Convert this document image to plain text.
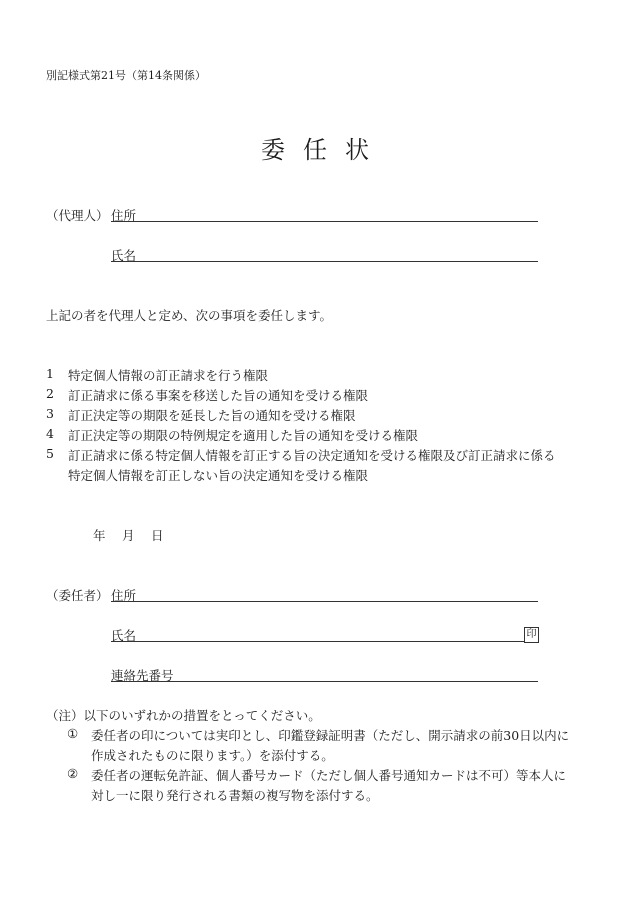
別記様式第21号（第14条関係）
委任状
（代理人） 住所
氏名
上記の者を代理人と定め、次の事項を委任します。
1 特定個人情報の訂正請求を行う権限
2 訂正請求に係る事案を移送した旨の通知を受ける権限
3 訂正決定等の期限を延長した旨の通知を受ける権限
4 訂正決定等の期限の特例規定を適用した旨の通知を受ける権限
5 訂正請求に係る特定個人情報を訂正する旨の決定通知を受ける権限及び訂正請求に係る
特定個人情報を訂正しない旨の決定通知を受ける権限
年　月　日
（委任者） 住所
氏名	印
連絡先番号
（注）以下のいずれかの措置をとってください。
① 委任者の印については実印とし、印鑑登録証明書（ただし、開示請求の前30日以内に
作成されたものに限ります。）を添付する。
② 委任者の運転免許証、個人番号カード（ただし個人番号通知カードは不可）等本人に
対し一に限り発行される書類の複写物を添付する。
